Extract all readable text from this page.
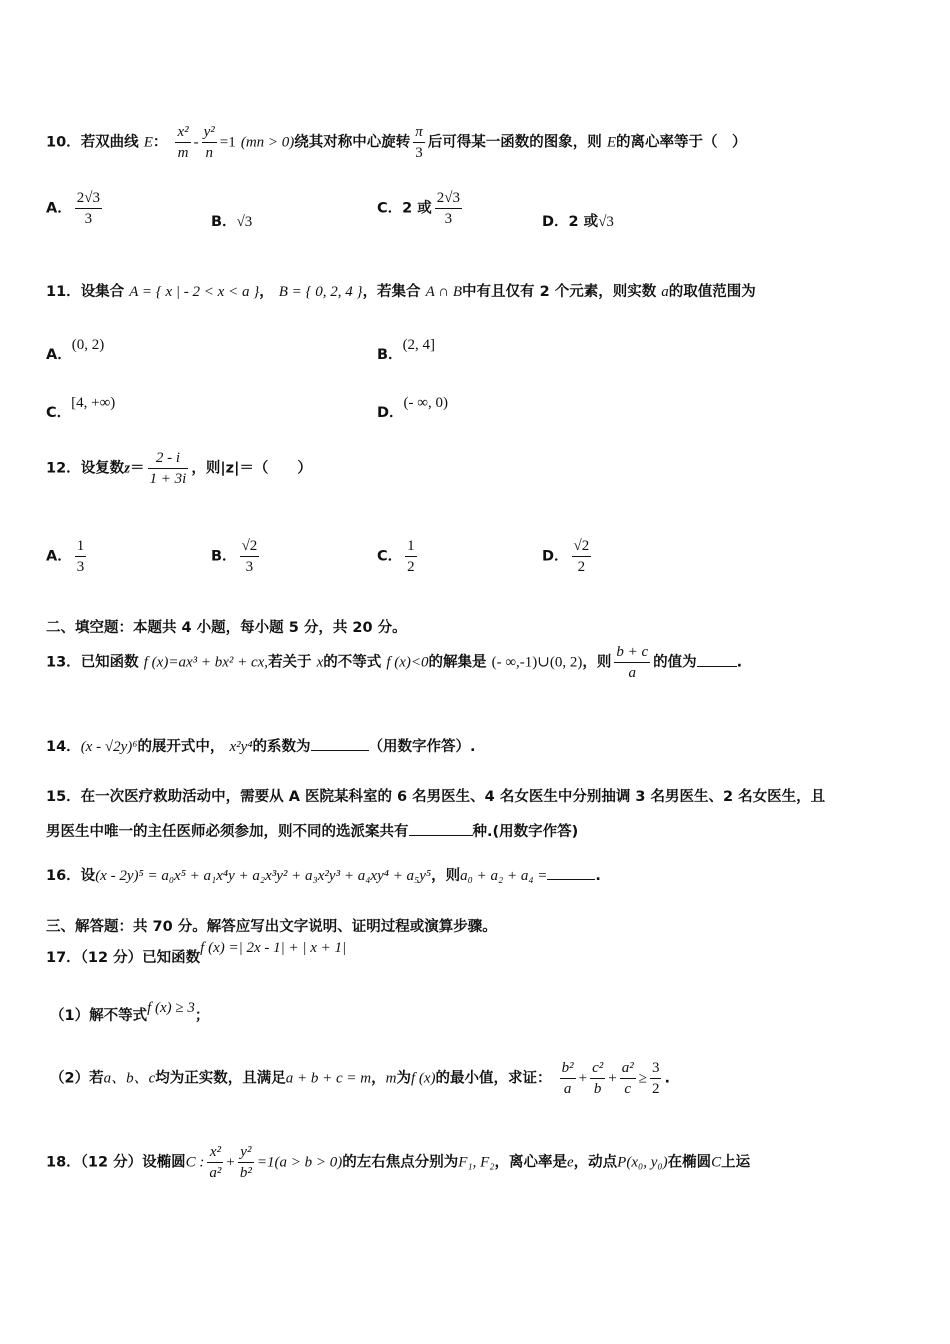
10．若双曲线 E： $\frac{\text{x²}}{m} - \frac{\text{y²}}{n} =1$ (mn > 0)绕其对称中心旋转 $\frac{\pi}{3}$ 后可得某一函数的图象，则 E的离心率等于（　）
A． $\frac{2√3}{3}$	B．√3
C．2 或 $\frac{2√3}{3}$	D．2 或√3
11．设集合 A = { x | - 2 < x < a }， B = { 0, 2, 4 }，若集合 A ∩ B中有且仅有 2 个元素，则实数 a的取值范围为
A．(0, 2)
B．(2, 4]
C．[4, +∞)
D．(- ∞, 0)
12．设复数$z= \frac{2 - i}{1 + 3i}$ ，则|z|＝（　　）
A． $\frac{1}{3}$	B． $\frac{√2}{3}$	C． $\frac{1}{2}$	D． $\frac{√2}{2}$
二、填空题：本题共 4 小题，每小题 5 分，共 20 分。
13．已知函数 f (x)=ax³ + bx² + cx,若关于 x的不等式 f (x)<0的解集是 (- ∞,-1)∪(0, 2)，则 $\frac{b + c}{a}$ 的值为	.
14．(x - √2y)⁶的展开式中， x²y⁴的系数为	（用数字作答）.
15．在一次医疗救助活动中，需要从 A 医院某科室的 6 名男医生、4 名女医生中分别抽调 3 名男医生、2 名女医生，且
男医生中唯一的主任医师必须参加，则不同的选派案共有	种.(用数字作答)
16．设(x - 2y)⁵ = a₀x⁵ + a₁x⁴y + a₂x³y² + a₃x²y³ + a₄xy⁴ + a₅y⁵，则a₀ + a₂ + a₄ =	.
三、解答题：共 70 分。解答应写出文字说明、证明过程或演算步骤。
17．（12 分）已知函数f (x) =| 2x - 1| + | x + 1|
（1）解不等式f (x) ≥ 3；
（2）若a、b、c均为正实数，且满足a + b + c = m，m为f (x)的最小值，求证： $\frac{\text{b²}}{a} + \frac{\text{c²}}{b} + \frac{\text{a²}}{c} \ge \frac{3}{2}$ .
18．（12 分）设椭圆C : $\frac{\text{x²}}{\text{a²}} + \frac{\text{y²}}{\text{b²}} =1(a > b > 0)$的左右焦点分别为F₁, F₂，离心率是e，动点P(x₀, y₀)在椭圆C上运
